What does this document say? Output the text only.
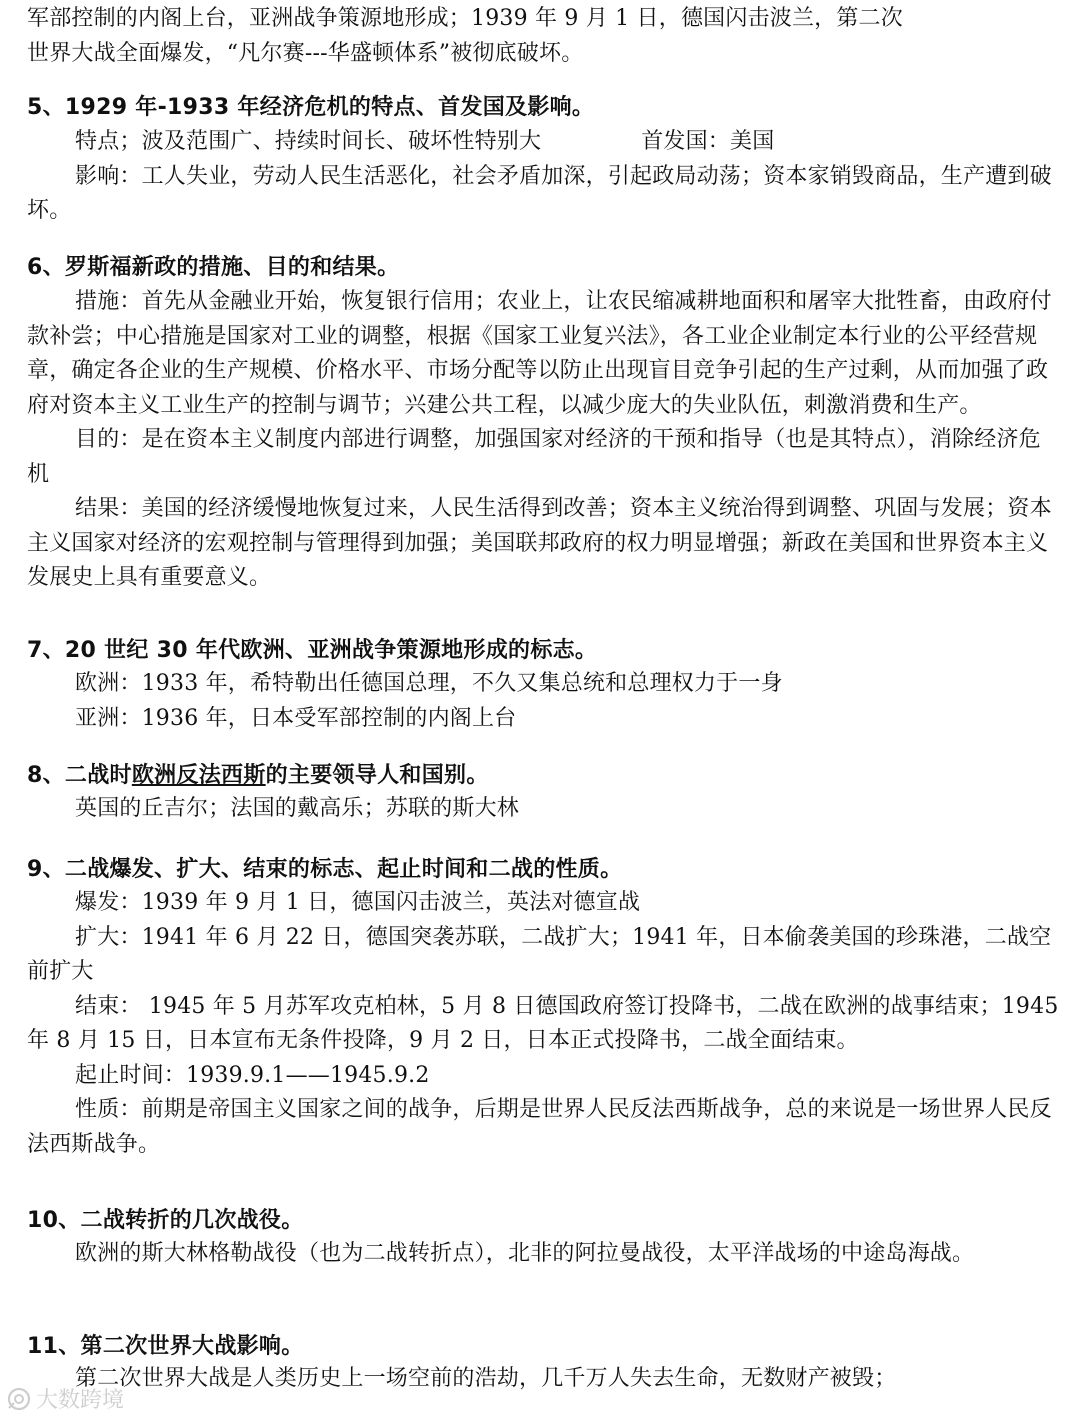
军部控制的内阁上台，亚洲战争策源地形成；1939 年 9 月 1 日，德国闪击波兰，第二次
世界大战全面爆发，“凡尔赛---华盛顿体系”被彻底破坏。
5、1929 年-1933 年经济危机的特点、首发国及影响。
特点；波及范围广、持续时间长、破坏性特别大	首发国：美国
影响：工人失业，劳动人民生活恶化，社会矛盾加深，引起政局动荡；资本家销毁商品，生产遭到破坏。
6、罗斯福新政的措施、目的和结果。
措施：首先从金融业开始，恢复银行信用；农业上，让农民缩减耕地面积和屠宰大批牲畜，由政府付款补尝；中心措施是国家对工业的调整，根据《国家工业复兴法》，各工业企业制定本行业的公平经营规章，确定各企业的生产规模、价格水平、市场分配等以防止出现盲目竞争引起的生产过剩，从而加强了政府对资本主义工业生产的控制与调节；兴建公共工程，以减少庞大的失业队伍，刺激消费和生产。
目的：是在资本主义制度内部进行调整，加强国家对经济的干预和指导（也是其特点），消除经济危机
结果：美国的经济缓慢地恢复过来，人民生活得到改善；资本主义统治得到调整、巩固与发展；资本主义国家对经济的宏观控制与管理得到加强；美国联邦政府的权力明显增强；新政在美国和世界资本主义发展史上具有重要意义。
7、20 世纪 30 年代欧洲、亚洲战争策源地形成的标志。
欧洲：1933 年，希特勒出任德国总理，不久又集总统和总理权力于一身
亚洲：1936 年，日本受军部控制的内阁上台
8、二战时欧洲反法西斯的主要领导人和国别。
英国的丘吉尔；法国的戴高乐；苏联的斯大林
9、二战爆发、扩大、结束的标志、起止时间和二战的性质。
爆发：1939 年 9 月 1 日，德国闪击波兰，英法对德宣战
扩大：1941 年 6 月 22 日，德国突袭苏联，二战扩大；1941 年，日本偷袭美国的珍珠港，二战空前扩大
结束： 1945 年 5 月苏军攻克柏林，5 月 8 日德国政府签订投降书，二战在欧洲的战事结束；1945 年 8 月 15 日，日本宣布无条件投降，9 月 2 日，日本正式投降书，二战全面结束。
起止时间：1939.9.1——1945.9.2
性质：前期是帝国主义国家之间的战争，后期是世界人民反法西斯战争，总的来说是一场世界人民反法西斯战争。
10、二战转折的几次战役。
欧洲的斯大林格勒战役（也为二战转折点），北非的阿拉曼战役，太平洋战场的中途岛海战。
11、第二次世界大战影响。
第二次世界大战是人类历史上一场空前的浩劫，几千万人失去生命，无数财产被毁；
大数跨境
